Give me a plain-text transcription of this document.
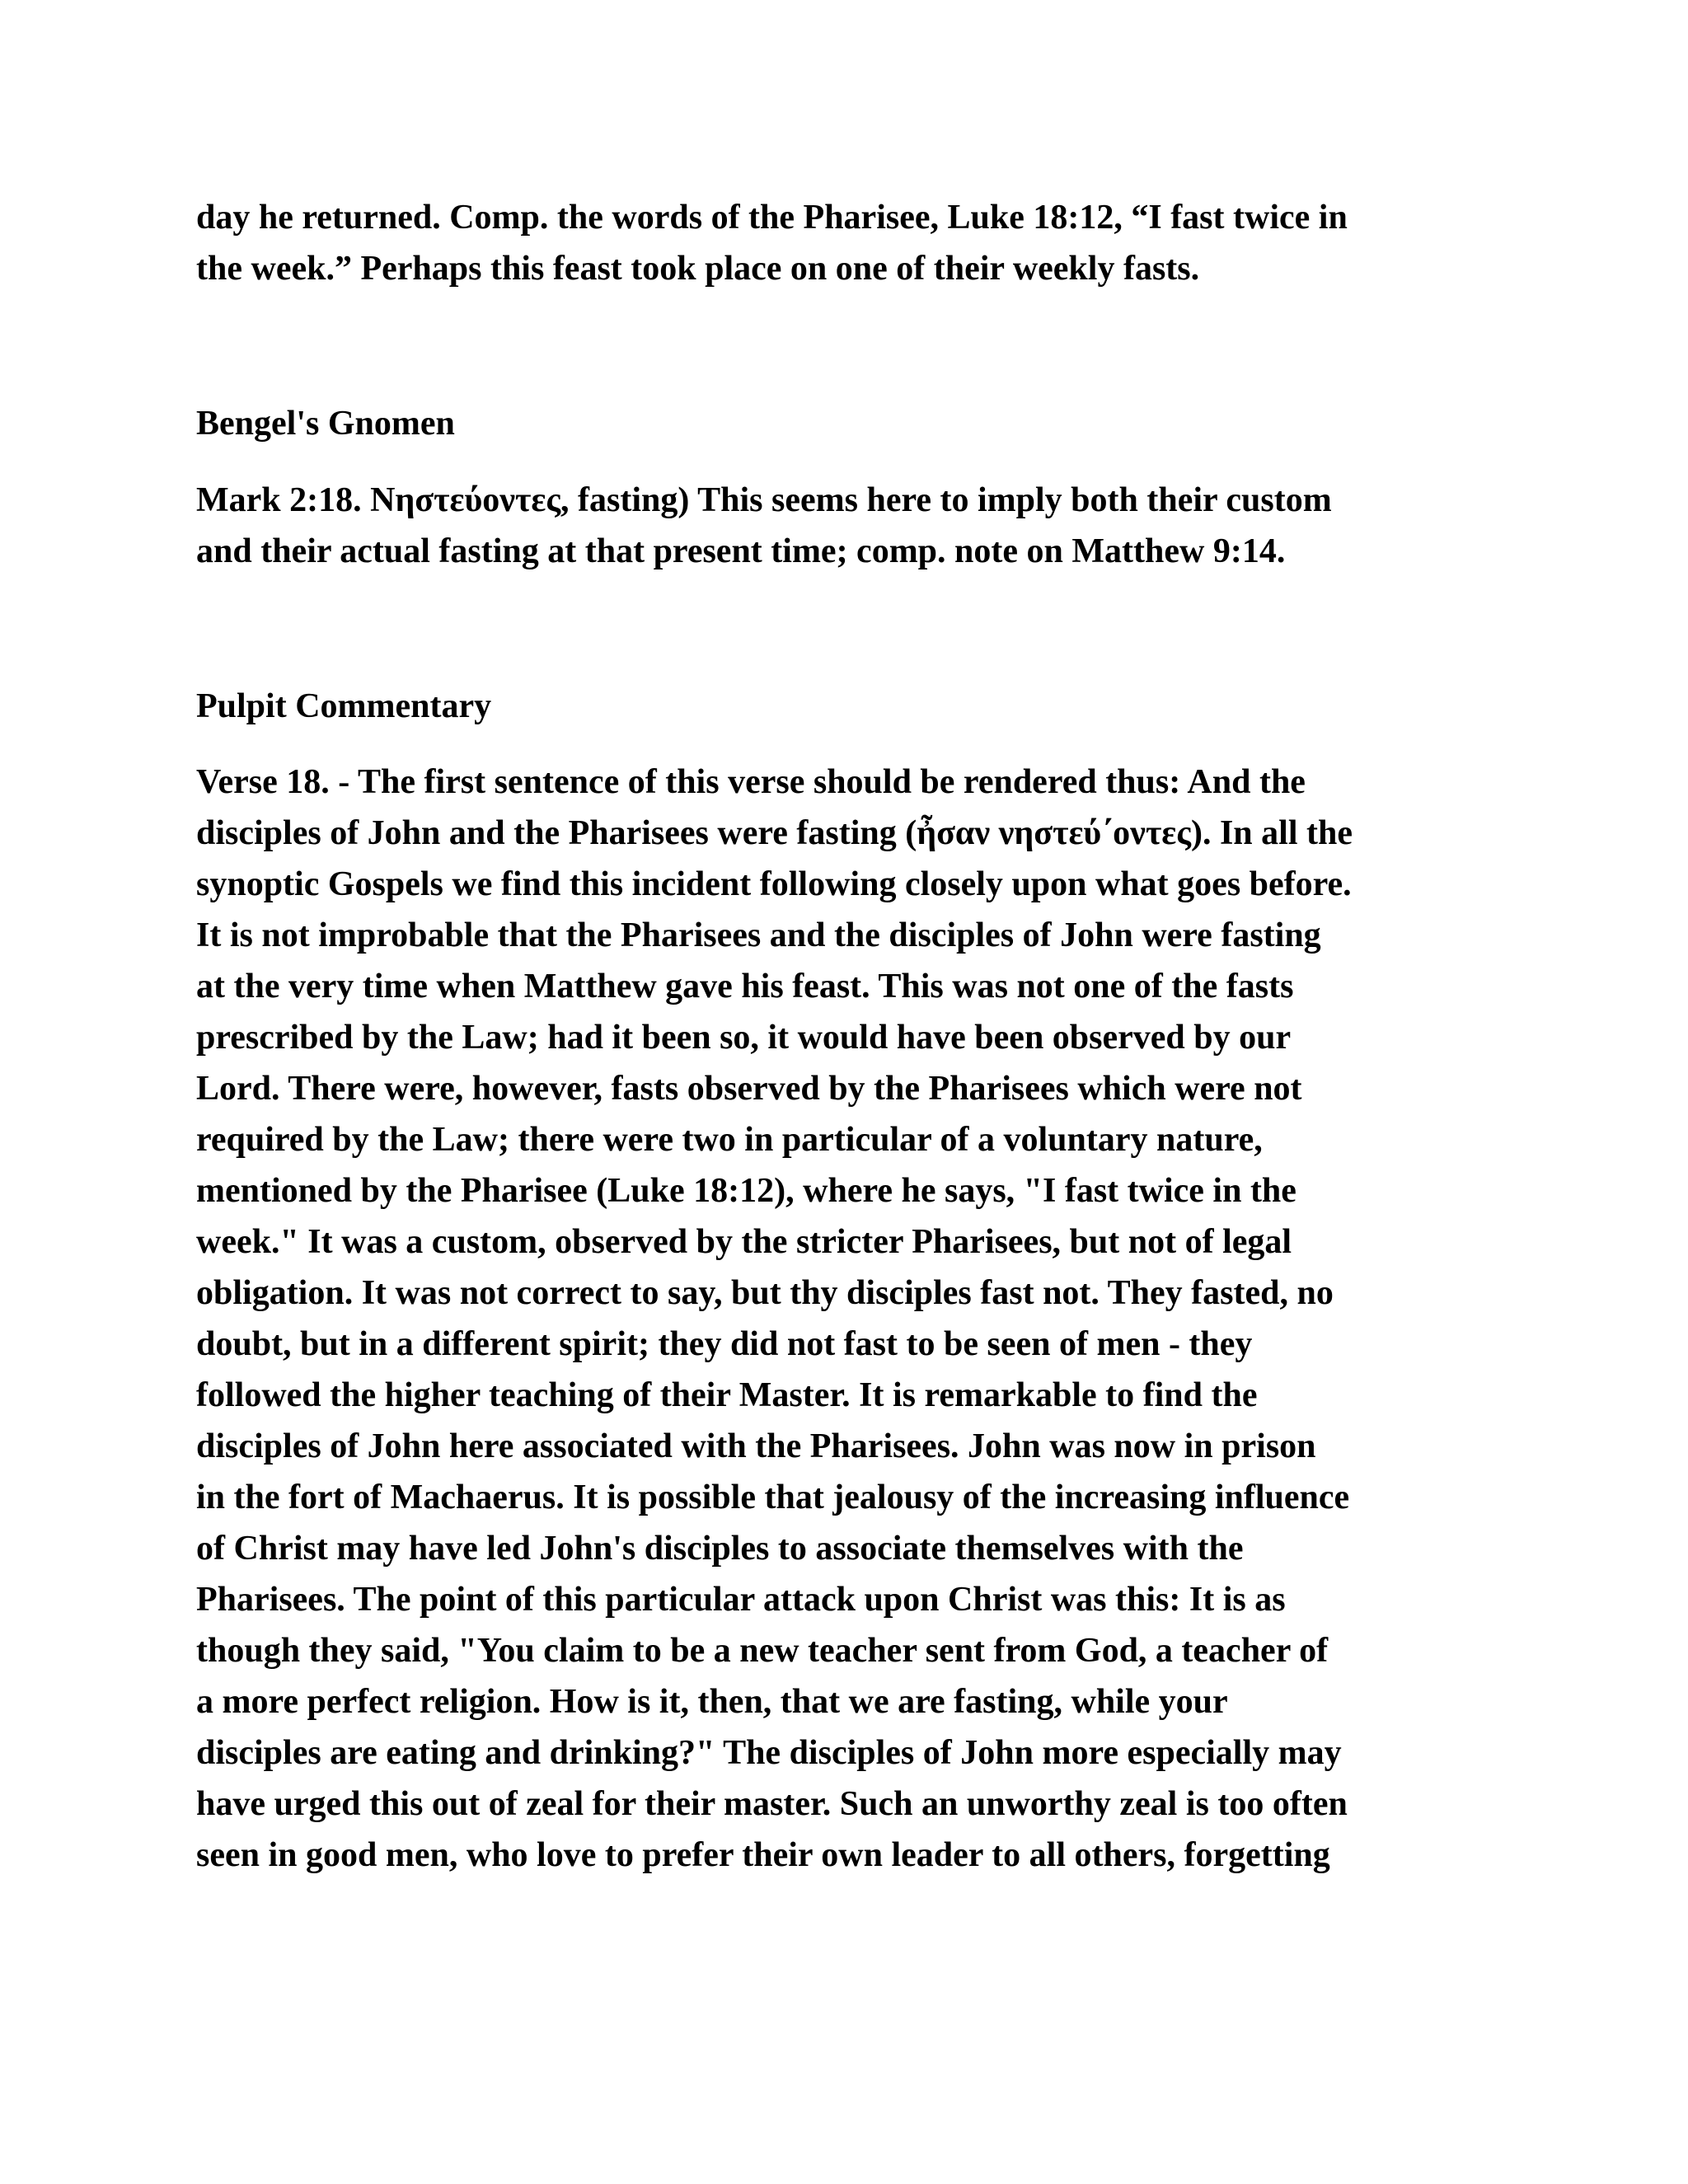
day he returned. Comp. the words of the Pharisee, Luke 18:12, “I fast twice in
the week.” Perhaps this feast took place on one of their weekly fasts.
Bengel's Gnomen
Mark 2:18. Νηστεύοντες, fasting) This seems here to imply both their custom
and their actual fasting at that present time; comp. note on Matthew 9:14.
Pulpit Commentary
Verse 18. - The first sentence of this verse should be rendered thus: And the
disciples of John and the Pharisees were fasting (ἦσαν νηστεύ΄οντες). In all the
synoptic Gospels we find this incident following closely upon what goes before.
It is not improbable that the Pharisees and the disciples of John were fasting
at the very time when Matthew gave his feast. This was not one of the fasts
prescribed by the Law; had it been so, it would have been observed by our
Lord. There were, however, fasts observed by the Pharisees which were not
required by the Law; there were two in particular of a voluntary nature,
mentioned by the Pharisee (Luke 18:12), where he says, "I fast twice in the
week." It was a custom, observed by the stricter Pharisees, but not of legal
obligation. It was not correct to say, but thy disciples fast not. They fasted, no
doubt, but in a different spirit; they did not fast to be seen of men - they
followed the higher teaching of their Master. It is remarkable to find the
disciples of John here associated with the Pharisees. John was now in prison
in the fort of Machaerus. It is possible that jealousy of the increasing influence
of Christ may have led John's disciples to associate themselves with the
Pharisees. The point of this particular attack upon Christ was this: It is as
though they said, "You claim to be a new teacher sent from God, a teacher of
a more perfect religion. How is it, then, that we are fasting, while your
disciples are eating and drinking?" The disciples of John more especially may
have urged this out of zeal for their master. Such an unworthy zeal is too often
seen in good men, who love to prefer their own leader to all others, forgetting
